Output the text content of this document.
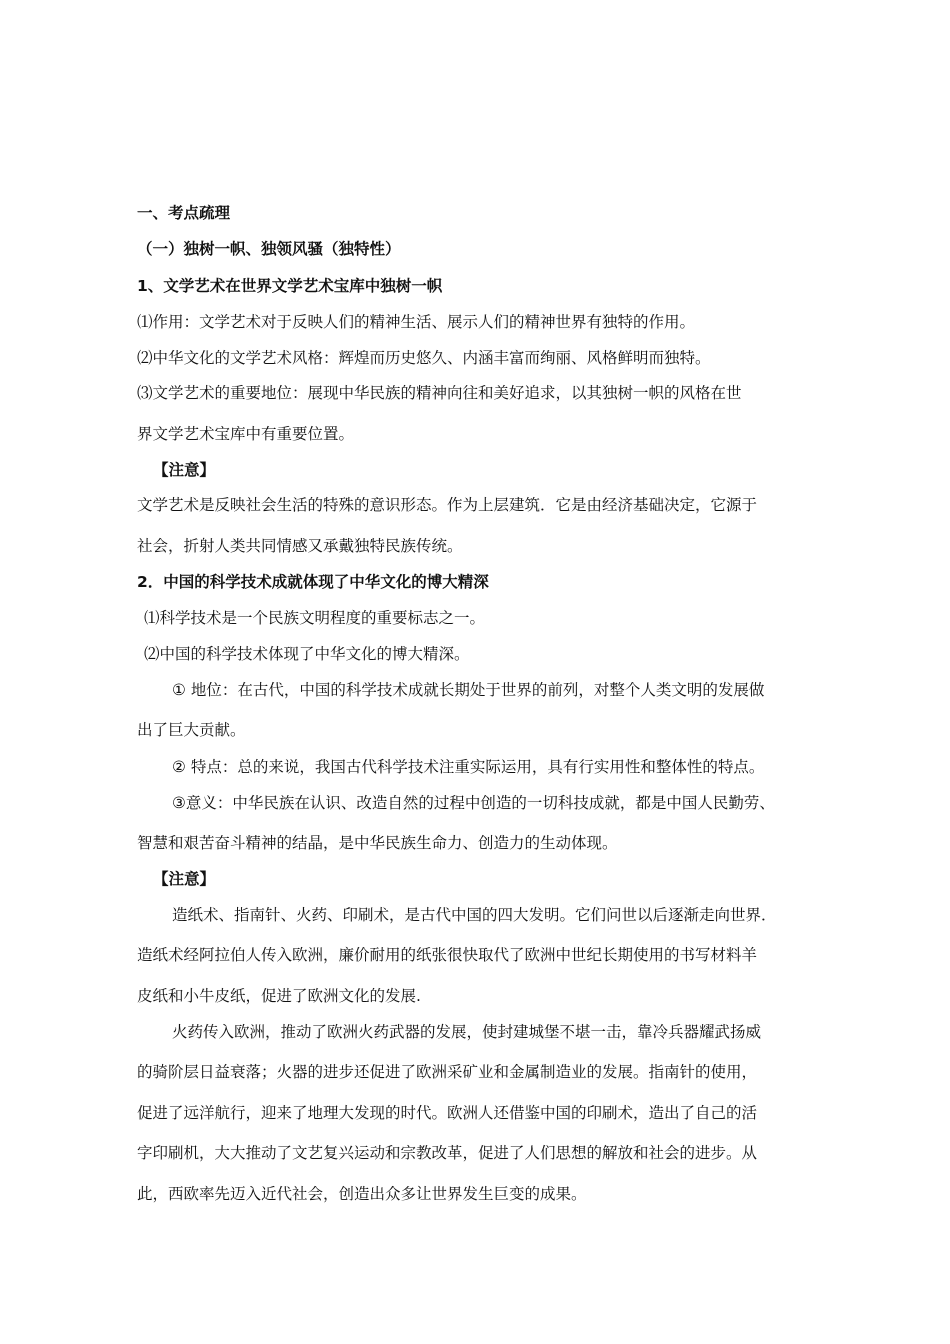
一、考点疏理
（一）独树一帜、独领风骚（独特性）
1、文学艺术在世界文学艺术宝库中独树一帜
⑴作用：文学艺术对于反映人们的精神生活、展示人们的精神世界有独特的作用。
⑵中华文化的文学艺术风格：辉煌而历史悠久、内涵丰富而绚丽、风格鲜明而独特。
⑶文学艺术的重要地位：展现中华民族的精神向往和美好追求，以其独树一帜的风格在世
界文学艺术宝库中有重要位置。
【注意】
文学艺术是反映社会生活的特殊的意识形态。作为上层建筑．它是由经济基础决定，它源于
社会，折射人类共同情感又承戴独特民族传统。
2．中国的科学技术成就体现了中华文化的博大精深
⑴科学技术是一个民族文明程度的重要标志之一。
⑵中国的科学技术体现了中华文化的博大精深。
① 地位：在古代，中国的科学技术成就长期处于世界的前列，对整个人类文明的发展做
出了巨大贡献。
② 特点：总的来说，我国古代科学技术注重实际运用，具有行实用性和整体性的特点。
③意义：中华民族在认识、改造自然的过程中创造的一切科技成就，都是中国人民勤劳、
智慧和艰苦奋斗精神的结晶，是中华民族生命力、创造力的生动体现。
【注意】
造纸术、指南针、火药、印刷术，是古代中国的四大发明。它们问世以后逐渐走向世界．
造纸术经阿拉伯人传入欧洲，廉价耐用的纸张很快取代了欧洲中世纪长期使用的书写材料羊
皮纸和小牛皮纸，促进了欧洲文化的发展.
火药传入欧洲，推动了欧洲火药武器的发展，使封建城堡不堪一击，靠冷兵器耀武扬威
的骑阶层日益衰落；火器的进步还促进了欧洲采矿业和金属制造业的发展。指南针的使用，
促进了远洋航行，迎来了地理大发现的时代。欧洲人还借鉴中国的印刷术，造出了自己的活
字印刷机，大大推动了文艺复兴运动和宗教改革，促进了人们思想的解放和社会的进步。从
此，西欧率先迈入近代社会，创造出众多让世界发生巨变的成果。
